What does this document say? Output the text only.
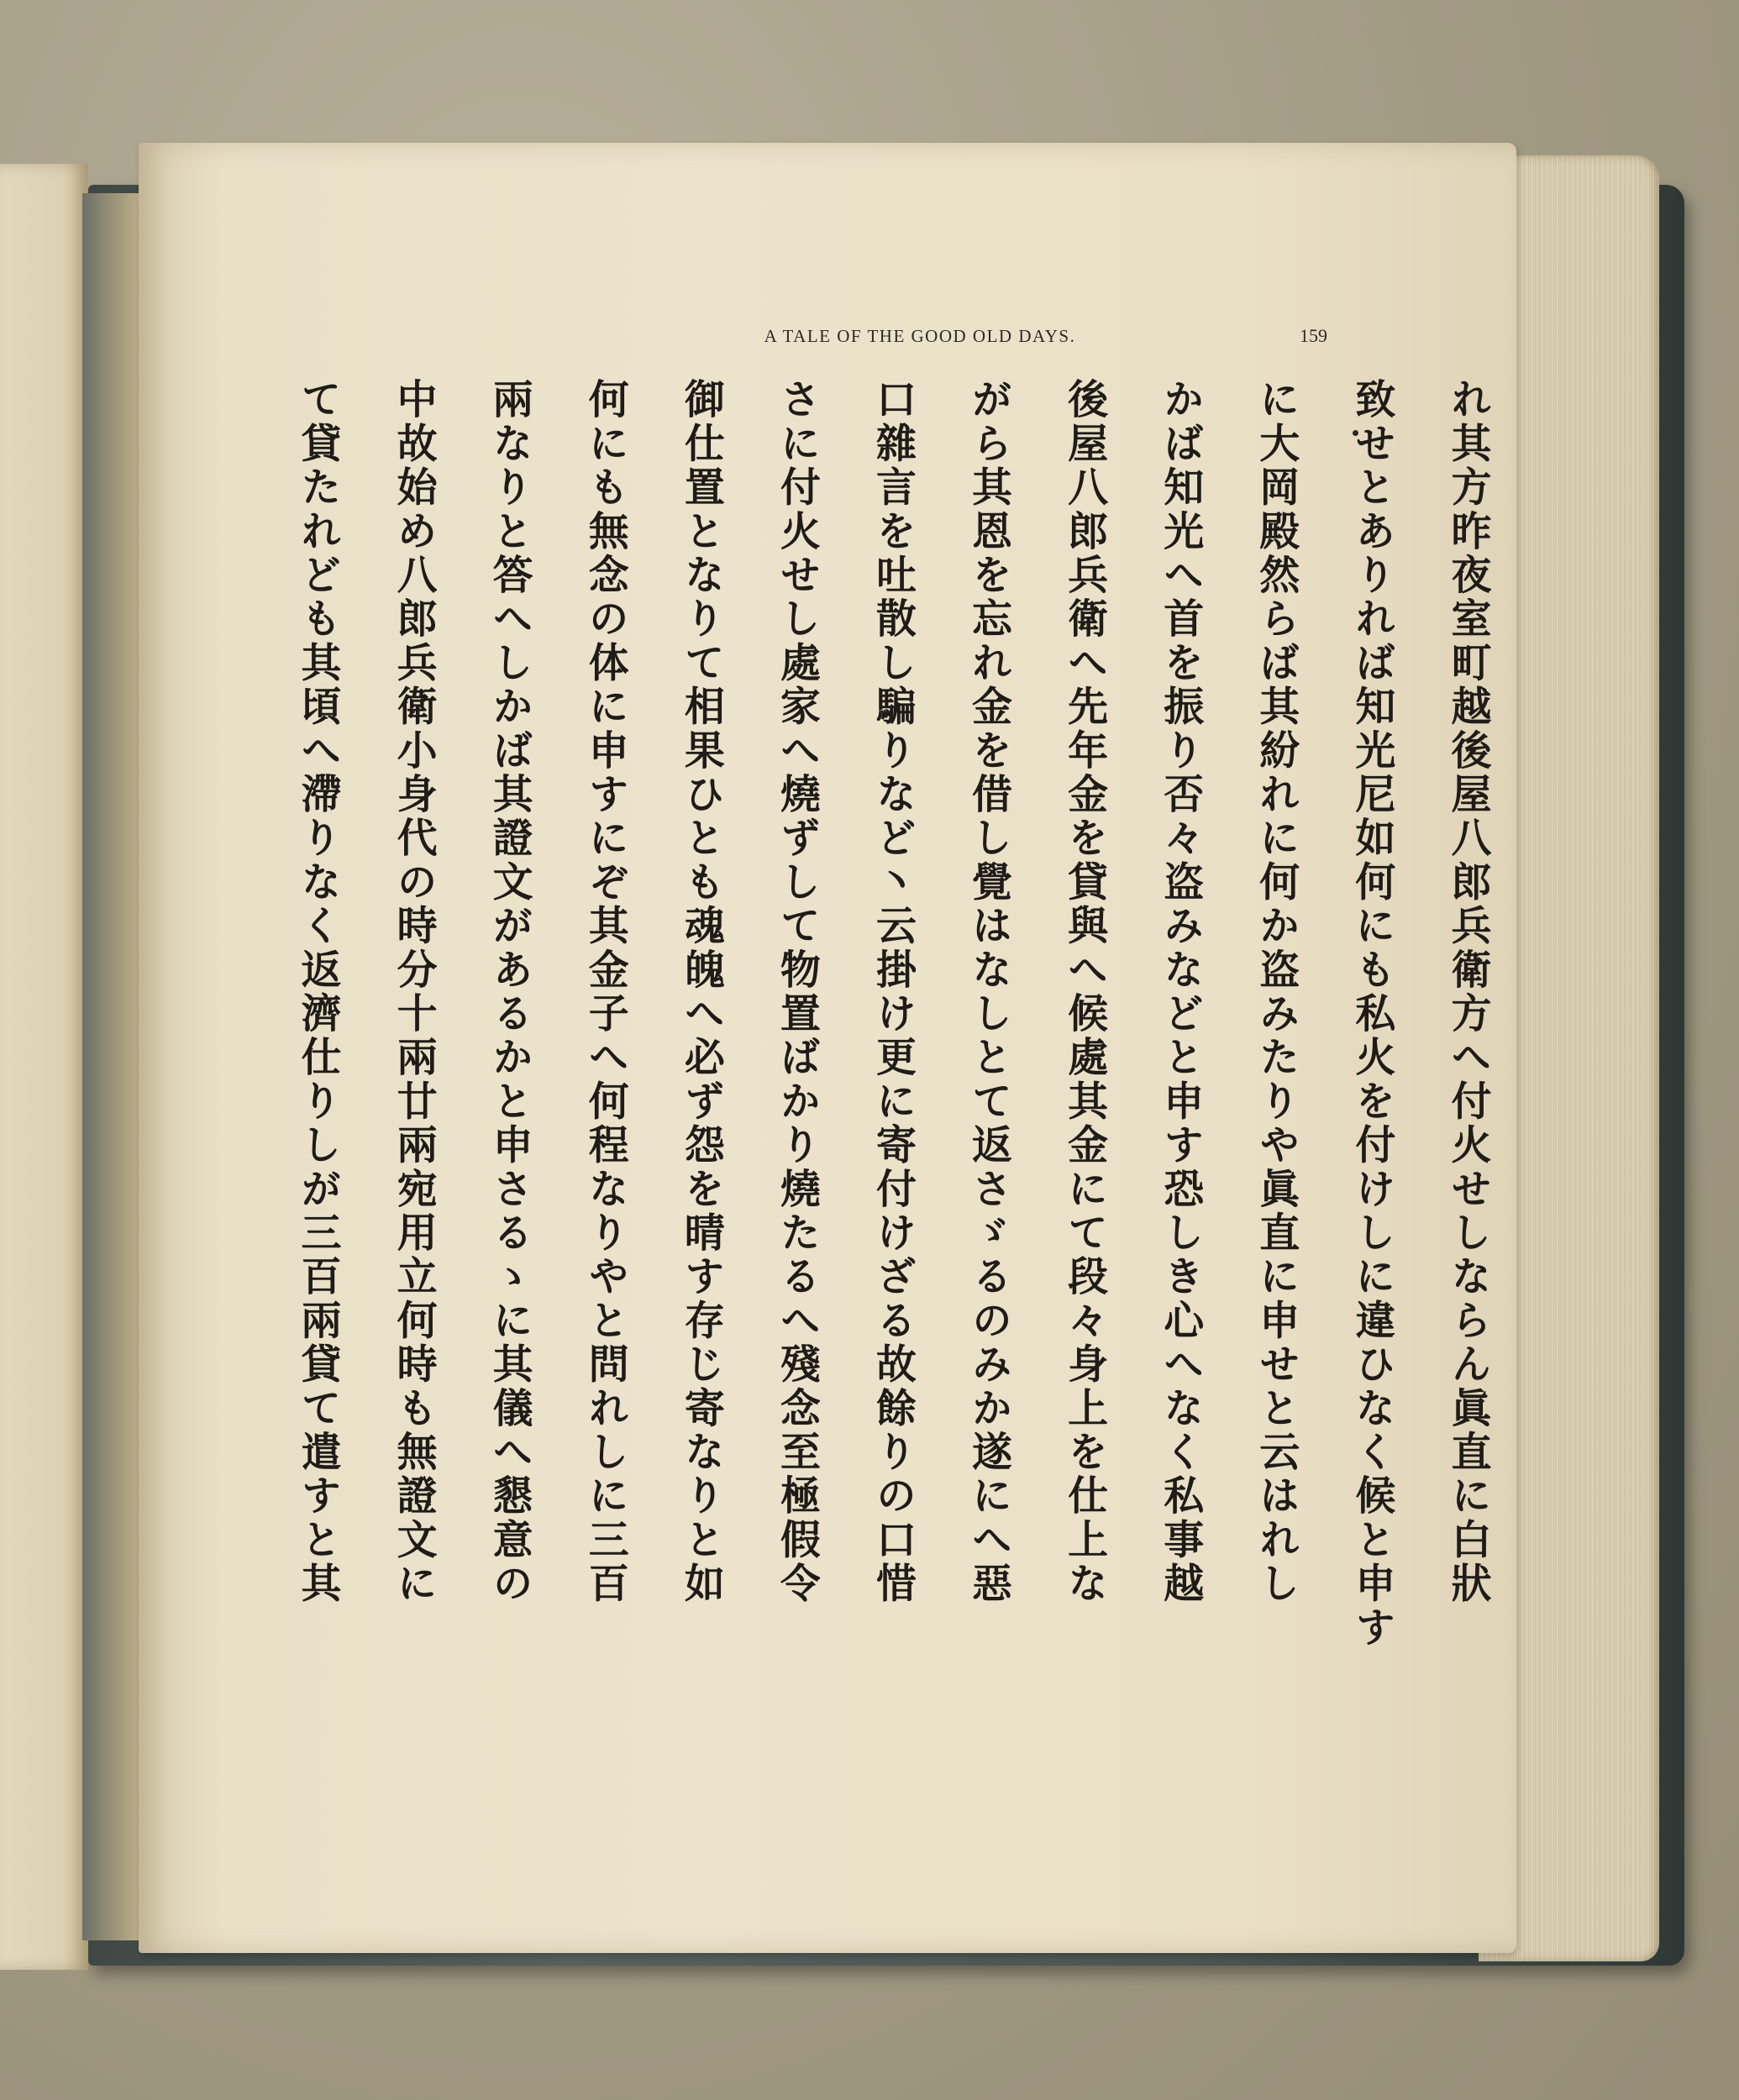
A TALE OF THE GOOD OLD DAYS.	159
れ其方昨夜室町越後屋八郎兵衛方へ付火せしならん眞直に白狀
致せとありれば知光尼如何にも私火を付けしに違ひなく候と申す
に大岡殿然らば其紛れに何か盗みたりや眞直に申せと云はれし
かば知光へ首を振り否々盗みなどと申す恐しき心へなく私事越
後屋八郎兵衛へ先年金を貸與へ候處其金にて段々身上を仕上な
がら其恩を忘れ金を借し覺はなしとて返さゞるのみか遂にへ惡
口雜言を吐散し騙りなど丶云掛け更に寄付けざる故餘りの口惜
さに付火せし處家へ燒ずして物置ばかり燒たるへ殘念至極假令
御仕置となりて相果ひとも魂魄へ必ず怨を晴す存じ寄なりと如
何にも無念の体に申すにぞ其金子へ何程なりやと問れしに三百
兩なりと答へしかば其證文があるかと申さるゝに其儀へ懇意の
中故始め八郎兵衛小身代の時分十兩廿兩宛用立何時も無證文に
て貸たれども其頃へ滯りなく返濟仕りしが三百兩貸て遣すと其
